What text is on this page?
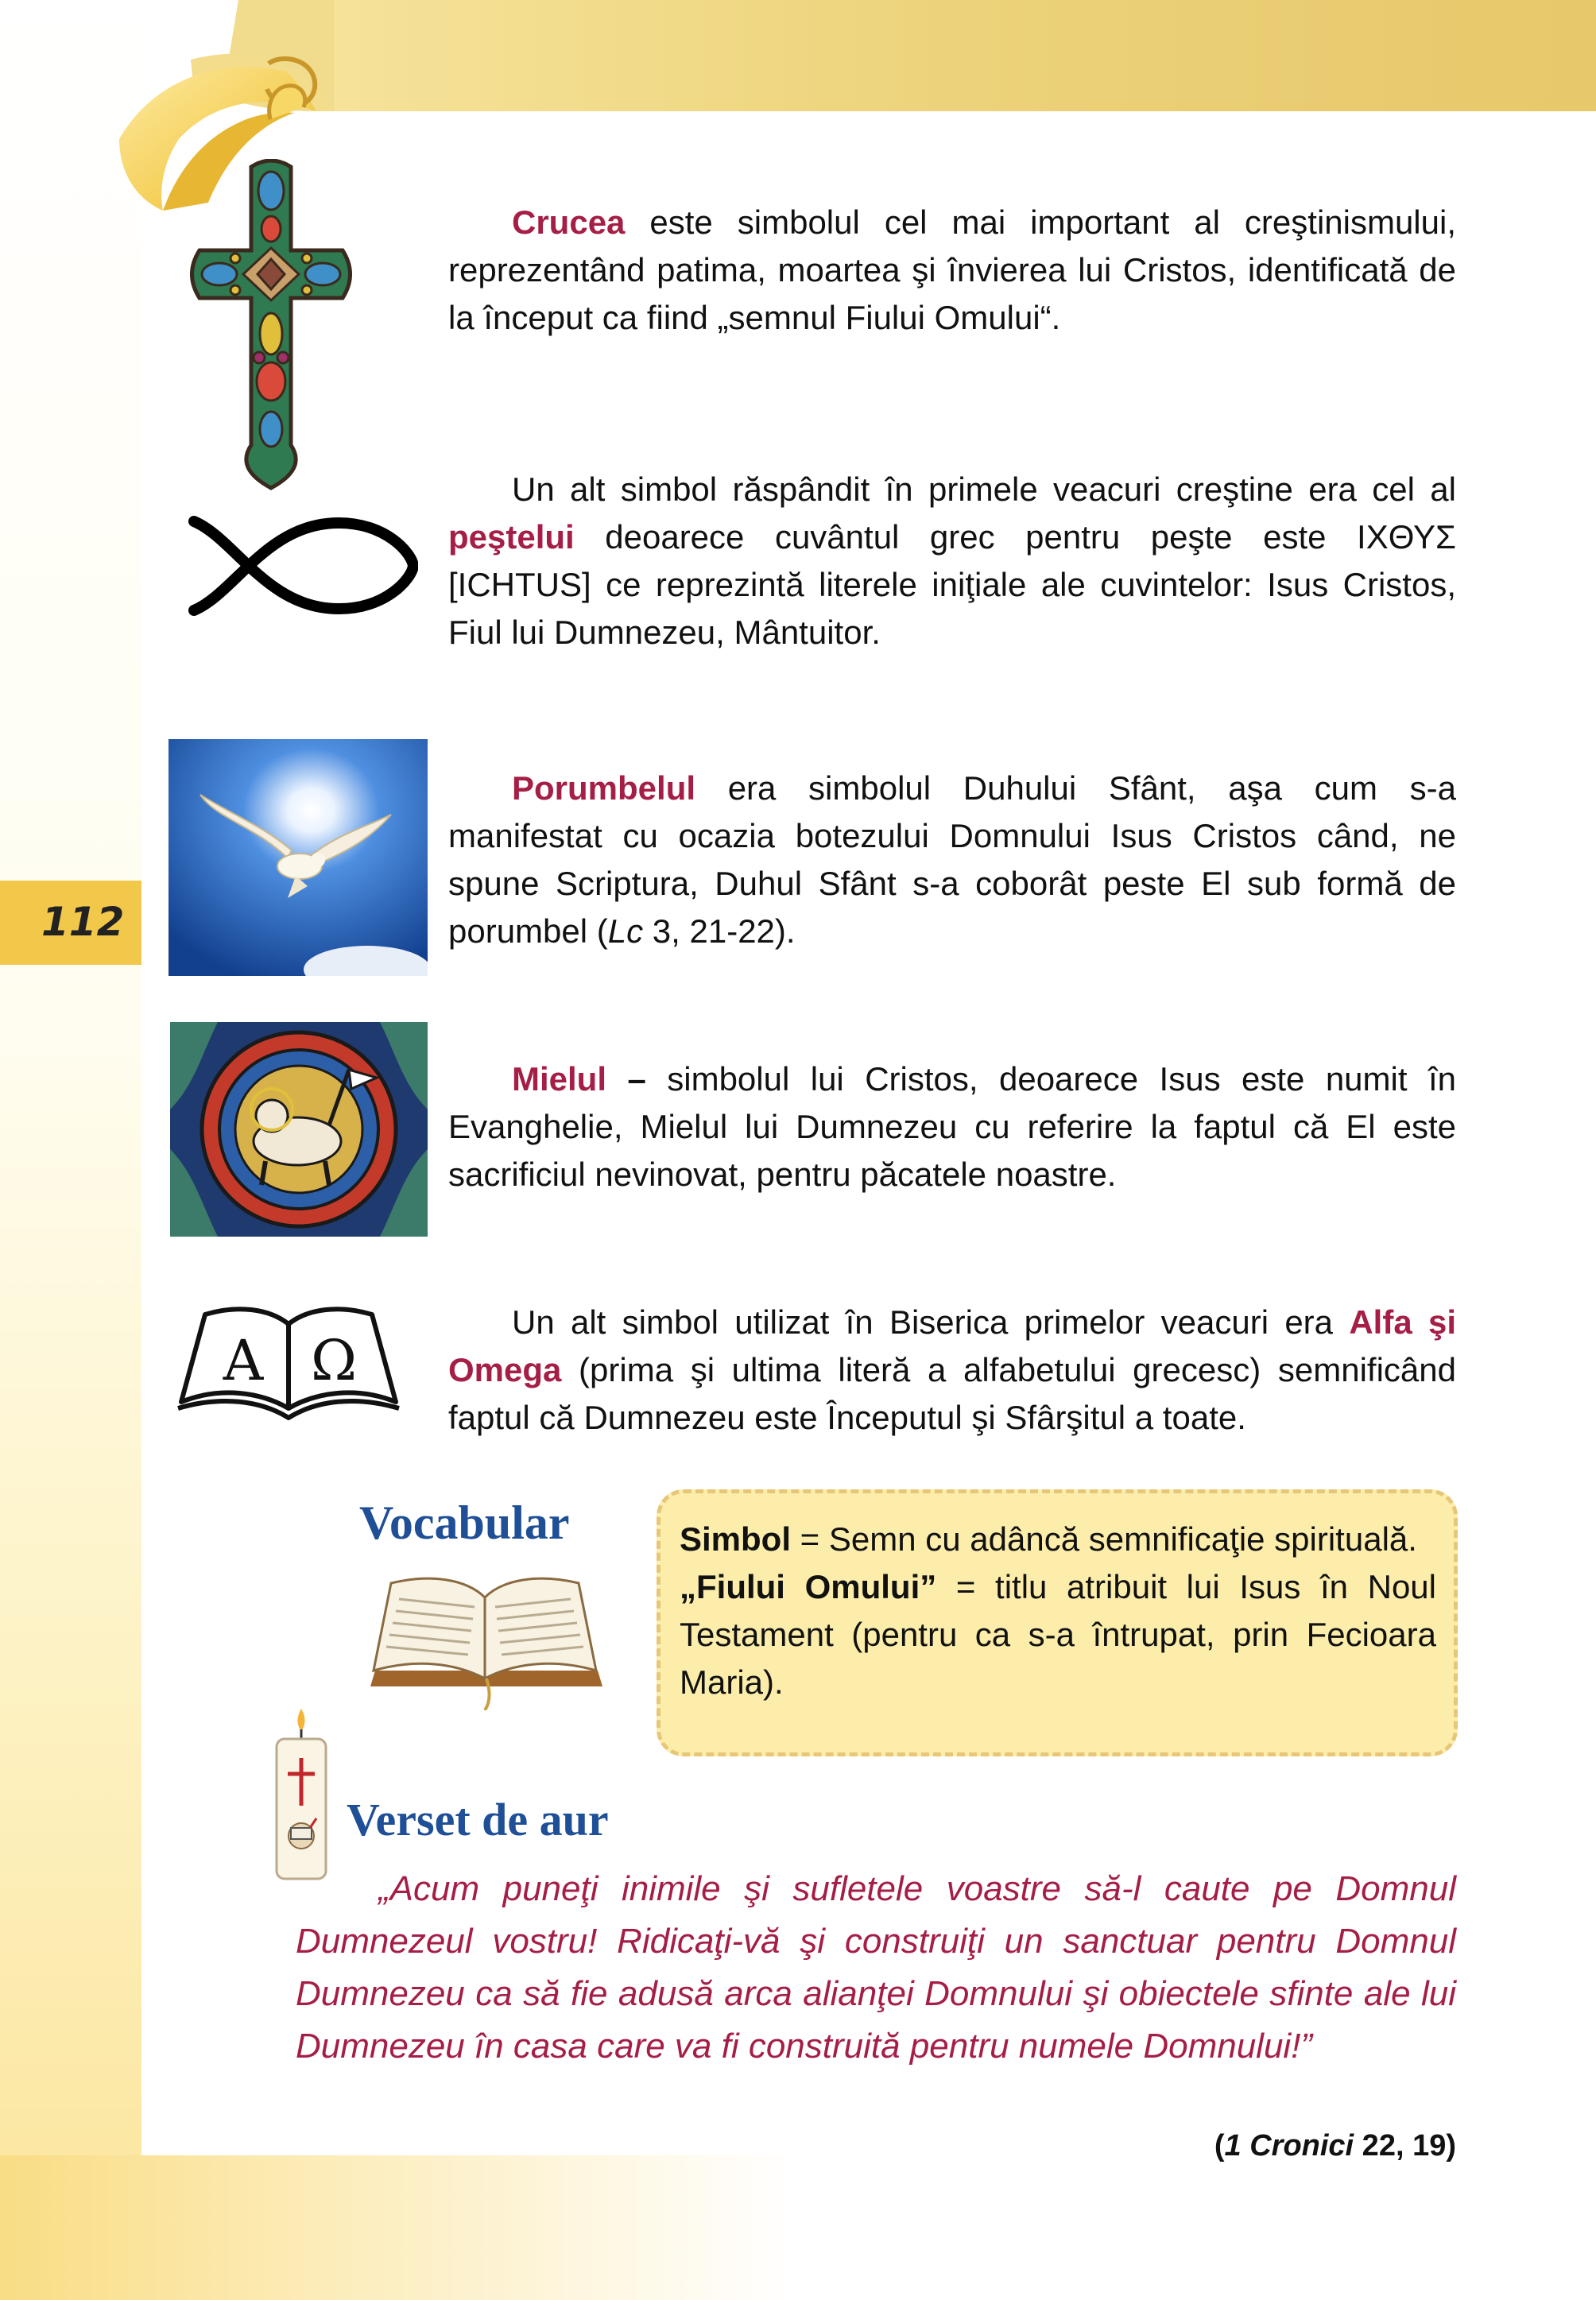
112
Α Ω
Crucea este simbolul cel mai important al creştinismului, reprezentând patima, moartea şi învierea lui Cristos, identificată de la început ca fiind „semnul Fiului Omului“.
Un alt simbol răspândit în primele veacuri creştine era cel al peştelui deoarece cuvântul grec pentru peşte este ΙΧΘΥΣ [ICHTUS] ce reprezintă literele iniţiale ale cuvintelor: Isus Cristos, Fiul lui Dumnezeu, Mântuitor.
Porumbelul era simbolul Duhului Sfânt, aşa cum s-a manifestat cu ocazia botezului Domnului Isus Cristos când, ne spune Scriptura, Duhul Sfânt s-a coborât peste El sub formă de porumbel (Lc 3, 21-22).
Mielul – simbolul lui Cristos, deoarece Isus este numit în Evanghelie, Mielul lui Dumnezeu cu referire la faptul că El este sacrificiul nevinovat, pentru păcatele noastre.
Un alt simbol utilizat în Biserica primelor veacuri era Alfa şi Omega (prima şi ultima literă a alfabetului grecesc) semnificând faptul că Dumnezeu este Începutul şi Sfârşitul a toate.
Vocabular	Simbol = Semn cu adâncă semnificaţie spirituală.

„Fiului Omului” = titlu atribuit lui Isus în Noul Testament (pentru ca s-a întrupat, prin Fecioara Maria).

Verset de aur
„Acum puneţi inimile şi sufletele voastre să-l caute pe Domnul Dumnezeul vostru! Ridicaţi-vă şi construiţi un sanctuar pentru Domnul Dumnezeu ca să fie adusă arca alianţei Domnului şi obiectele sfinte ale lui Dumnezeu în casa care va fi construită pentru numele Domnului!”
(1 Cronici 22, 19)
